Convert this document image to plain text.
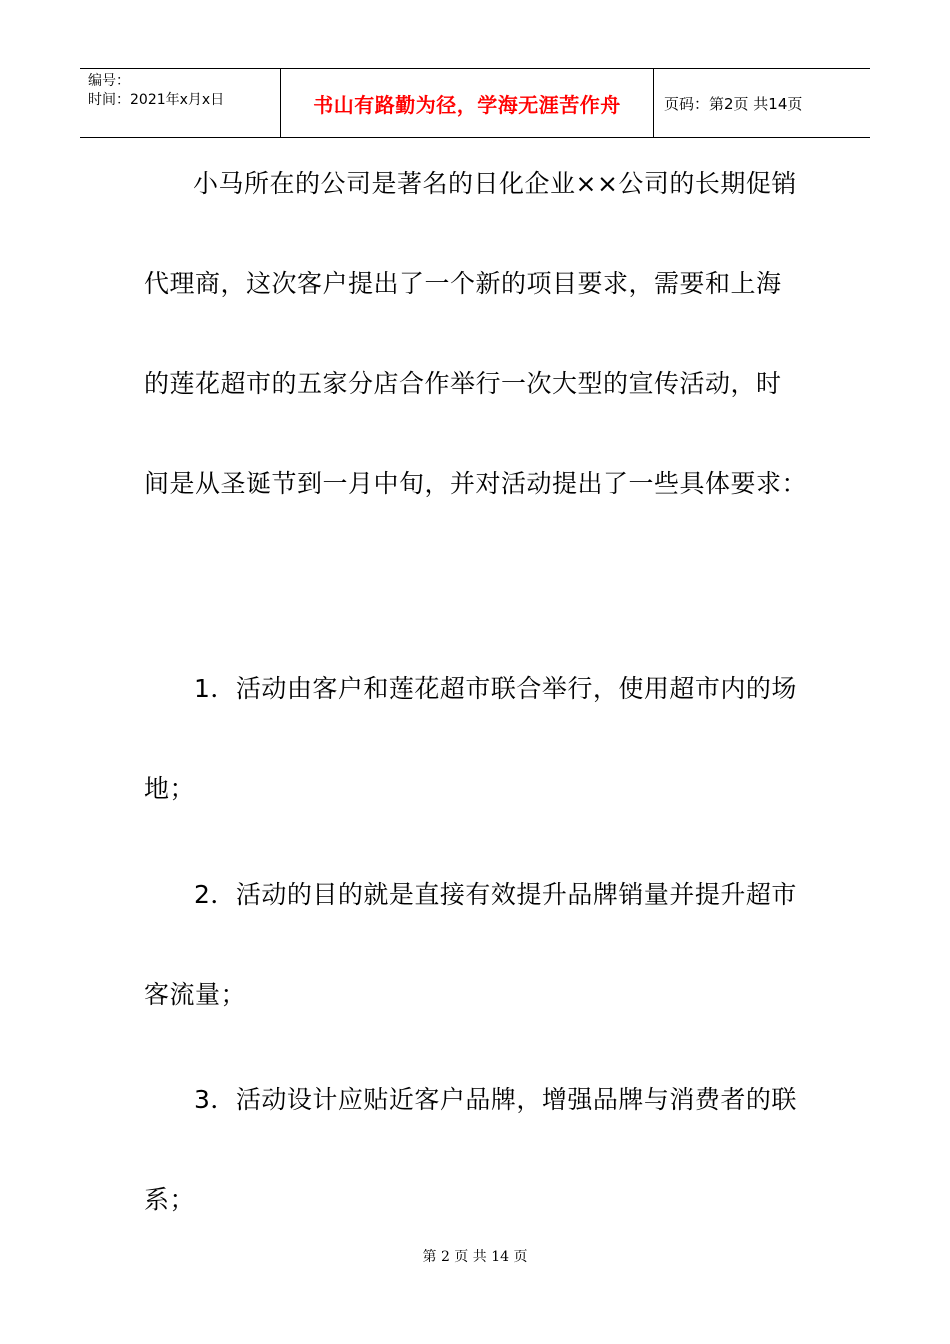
编号：
时间：2021年x月x日	书山有路勤为径，学海无涯苦作舟	页码：第2页 共14页
小马所在的公司是著名的日化企业××公司的长期促销
代理商，这次客户提出了一个新的项目要求，需要和上海
的莲花超市的五家分店合作举行一次大型的宣传活动，时
间是从圣诞节到一月中旬，并对活动提出了一些具体要求：
1．活动由客户和莲花超市联合举行，使用超市内的场
地；
2．活动的目的就是直接有效提升品牌销量并提升超市
客流量；
3．活动设计应贴近客户品牌，增强品牌与消费者的联
系；
第 2 页 共 14 页
